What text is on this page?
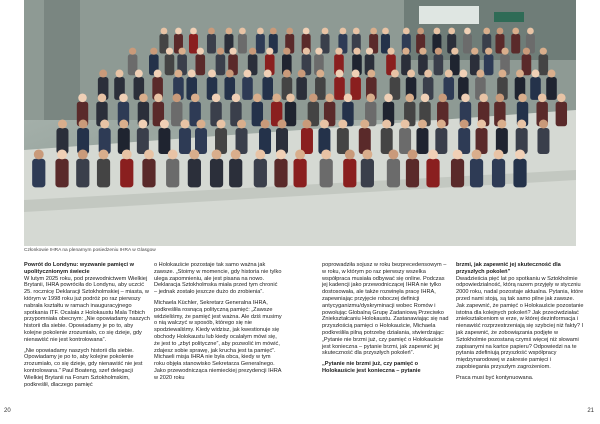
Członkowie IHRA na plenarnym posiedzeniu IHRA w Glasgow
Powrót do Londynu: wyzwanie pamięci w upolitycznionym świecie

W lutym 2025 roku, pod przewodnictwem Wielkiej Brytanii, IHRA powróciła do Londynu, aby uczcić 25. rocznicę Deklaracji Sztokholmskiej – miasta, w którym w 1998 roku już podróż po raz pierwszy nabrała kształtu w ramach inauguracyjnego spotkania ITF. Ocalała z Holokaustu Mala Tribich przypomniała obecnym: „Nie opowiadamy naszych historii dla siebie. Opowiadamy je po to, aby kolejne pokolenie zrozumiało, co się dzieje, gdy nienawiść nie jest kontrolowana”.

„Nie opowiadamy naszych historii dla siebie. Opowiadamy je po to, aby kolejne pokolenie zrozumiało, co się dzieje, gdy nienawiść nie jest kontrolowana.” Paul Boateng, szef delegacji Wielkiej Brytanii na Forum Sztokholmskim, podkreślił, dlaczego pamięć

o Holokauście pozostaje tak samo ważna jak zawsze. „Stoimy w momencie, gdy historia nie tylko ulega zapomnieniu, ale jest pisana na nowo. Deklaracja Sztokholmska miała przed tym chronić – jednak zostało jeszcze dużo do zrobienia”.

Michaela Küchler, Sekretarz Generalna IHRA, podkreśliła rosnącą polityczną pamięć: „Zawsze widzieliśmy, że pamięć jest ważna. Ale dziś musimy o nią walczyć w sposób, którego się nie spodziewaliśmy. Kiedy widzisz, jak kwestionuje się obchody Holokaustu lub kiedy ocalałym mówi się, że jest to „zbyt polityczne”, aby pozwolić im mówić, zdajesz sobie sprawę, jak krucha jest ta pamięć”. Michaeli misja IHRA nie była obca, kiedy w tym roku objęła stanowisko Sekretarza Generalnego. Jako przewodnicząca niemieckiej prezydencji IHRA w 2020 roku

poprowadziła sojusz w roku bezprecedensowym – w roku, w którym po raz pierwszy wszelka współpraca musiała odbywać się online. Podczas jej kadencji jako przewodniczącej IHRA nie tylko dostosowała, ale także rozwinęła pracę IHRA, zapewniając przyjęcie roboczej definicji antycyganizmu/dyskryminacji wobec Romów i powołując Globalną Grupę Zadaniową Przeciwko Zniekształcaniu Holokaustu. Zastanawiając się nad przyszłością pamięci o Holokauście, Michaela podkreśliła pilną potrzebę działania, stwierdzając: „Pytanie nie brzmi już, czy pamięć o Holokauście jest konieczna – pytanie brzmi, jak zapewnić jej skuteczność dla przyszłych pokoleń”.

„Pytanie nie brzmi już, czy pamięć o Holokauście jest konieczna – pytanie

brzmi, jak zapewnić jej skuteczność dla przyszłych pokoleń”

Dwadzieścia pięć lat po spotkaniu w Sztokholmie odpowiedzialność, którą razem przyjęły w styczniu 2000 roku, nadal pozostaje aktualna. Pytania, które przed nami stoją, są tak samo pilne jak zawsze. Jak zapewnić, że pamięć o Holokauście pozostanie istotna dla kolejnych pokoleń? Jak przeciwdziałać zniekształceniom w erze, w której dezinformacja i nienawiść rozprzestrzeniają się szybciej niż fakty? I jak zapewnić, że zobowiązania podjęte w Sztokholmie pozostaną czymś więcej niż słowami zapisanymi na kartce papieru? Odpowiedzi na te pytania zdefiniują przyszłość współpracy międzynarodowej w zakresie pamięci i zapobiegania przyszłym zagrożeniom.

Praca musi być kontynuowana.

20	21
